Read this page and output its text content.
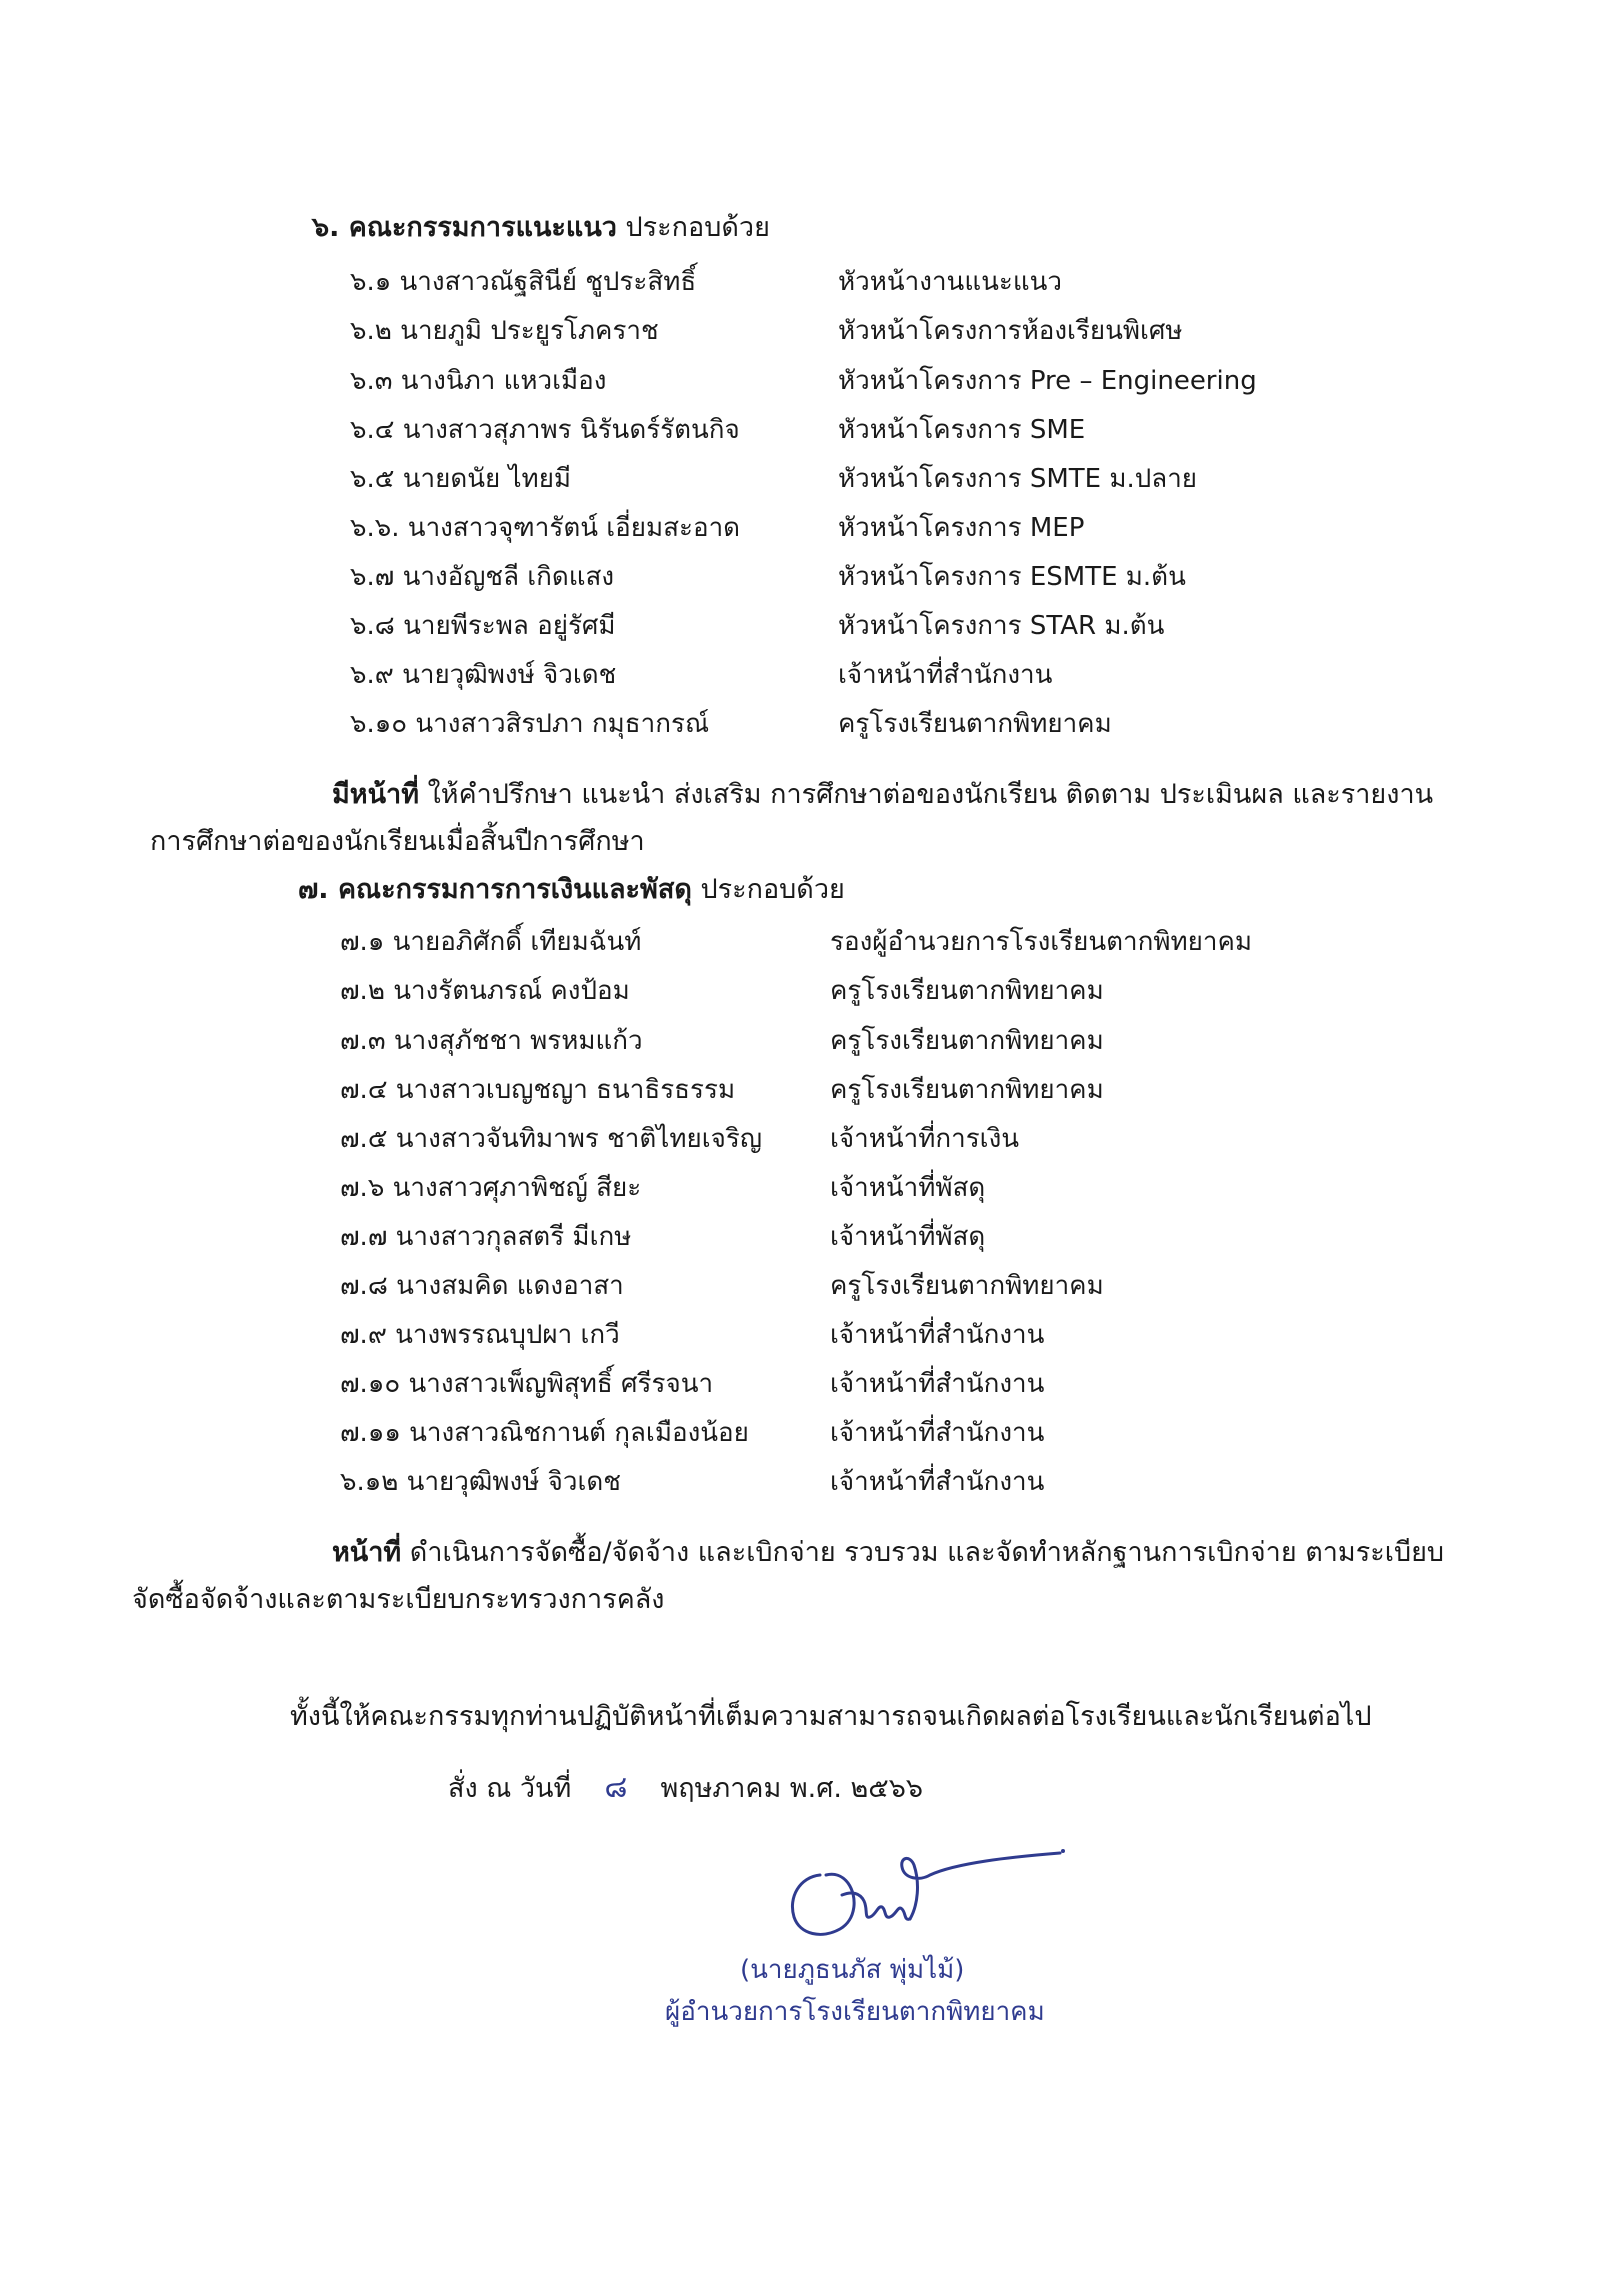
๖. คณะกรรมการแนะแนว ประกอบด้วย
๖.๑ นางสาวณัฐสินีย์ ชูประสิทธิ์	หัวหน้างานแนะแนว
๖.๒ นายภูมิ ประยูรโภคราช	หัวหน้าโครงการห้องเรียนพิเศษ
๖.๓ นางนิภา แหวเมือง	หัวหน้าโครงการ Pre – Engineering
๖.๔ นางสาวสุภาพร นิรันดร์รัตนกิจ	หัวหน้าโครงการ SME
๖.๕ นายดนัย ไทยมี	หัวหน้าโครงการ SMTE ม.ปลาย
๖.๖. นางสาวจุฑารัตน์ เอี่ยมสะอาด	หัวหน้าโครงการ MEP
๖.๗ นางอัญชลี เกิดแสง	หัวหน้าโครงการ ESMTE ม.ต้น
๖.๘ นายพีระพล อยู่รัศมี	หัวหน้าโครงการ STAR ม.ต้น
๖.๙ นายวุฒิพงษ์ จิวเดช	เจ้าหน้าที่สำนักงาน
๖.๑๐ นางสาวสิรปภา กมุธากรณ์	ครูโรงเรียนตากพิทยาคม
มีหน้าที่ ให้คำปรึกษา แนะนำ ส่งเสริม การศึกษาต่อของนักเรียน ติดตาม ประเมินผล และรายงาน
การศึกษาต่อของนักเรียนเมื่อสิ้นปีการศึกษา
๗. คณะกรรมการการเงินและพัสดุ ประกอบด้วย
๗.๑ นายอภิศักดิ์ เทียมฉันท์	รองผู้อำนวยการโรงเรียนตากพิทยาคม
๗.๒ นางรัตนภรณ์ คงป้อม	ครูโรงเรียนตากพิทยาคม
๗.๓ นางสุภัชชา พรหมแก้ว	ครูโรงเรียนตากพิทยาคม
๗.๔ นางสาวเบญชญา ธนาธิรธรรม	ครูโรงเรียนตากพิทยาคม
๗.๕ นางสาวจันทิมาพร ชาติไทยเจริญ	เจ้าหน้าที่การเงิน
๗.๖ นางสาวศุภาพิชญ์ สียะ	เจ้าหน้าที่พัสดุ
๗.๗ นางสาวกุลสตรี มีเกษ	เจ้าหน้าที่พัสดุ
๗.๘ นางสมคิด แดงอาสา	ครูโรงเรียนตากพิทยาคม
๗.๙ นางพรรณบุปผา เกวี	เจ้าหน้าที่สำนักงาน
๗.๑๐ นางสาวเพ็ญพิสุทธิ์ ศรีรจนา	เจ้าหน้าที่สำนักงาน
๗.๑๑ นางสาวณิชกานต์ กุลเมืองน้อย	เจ้าหน้าที่สำนักงาน
๖.๑๒ นายวุฒิพงษ์ จิวเดช	เจ้าหน้าที่สำนักงาน
หน้าที่ ดำเนินการจัดซื้อ/จัดจ้าง และเบิกจ่าย รวบรวม และจัดทำหลักฐานการเบิกจ่าย ตามระเบียบ
จัดซื้อจัดจ้างและตามระเบียบกระทรวงการคลัง
ทั้งนี้ให้คณะกรรมทุกท่านปฏิบัติหน้าที่เต็มความสามารถจนเกิดผลต่อโรงเรียนและนักเรียนต่อไป
สั่ง ณ วันที่ ๘ พฤษภาคม พ.ศ. ๒๕๖๖
(นายภูธนภัส พุ่มไม้)
ผู้อำนวยการโรงเรียนตากพิทยาคม
